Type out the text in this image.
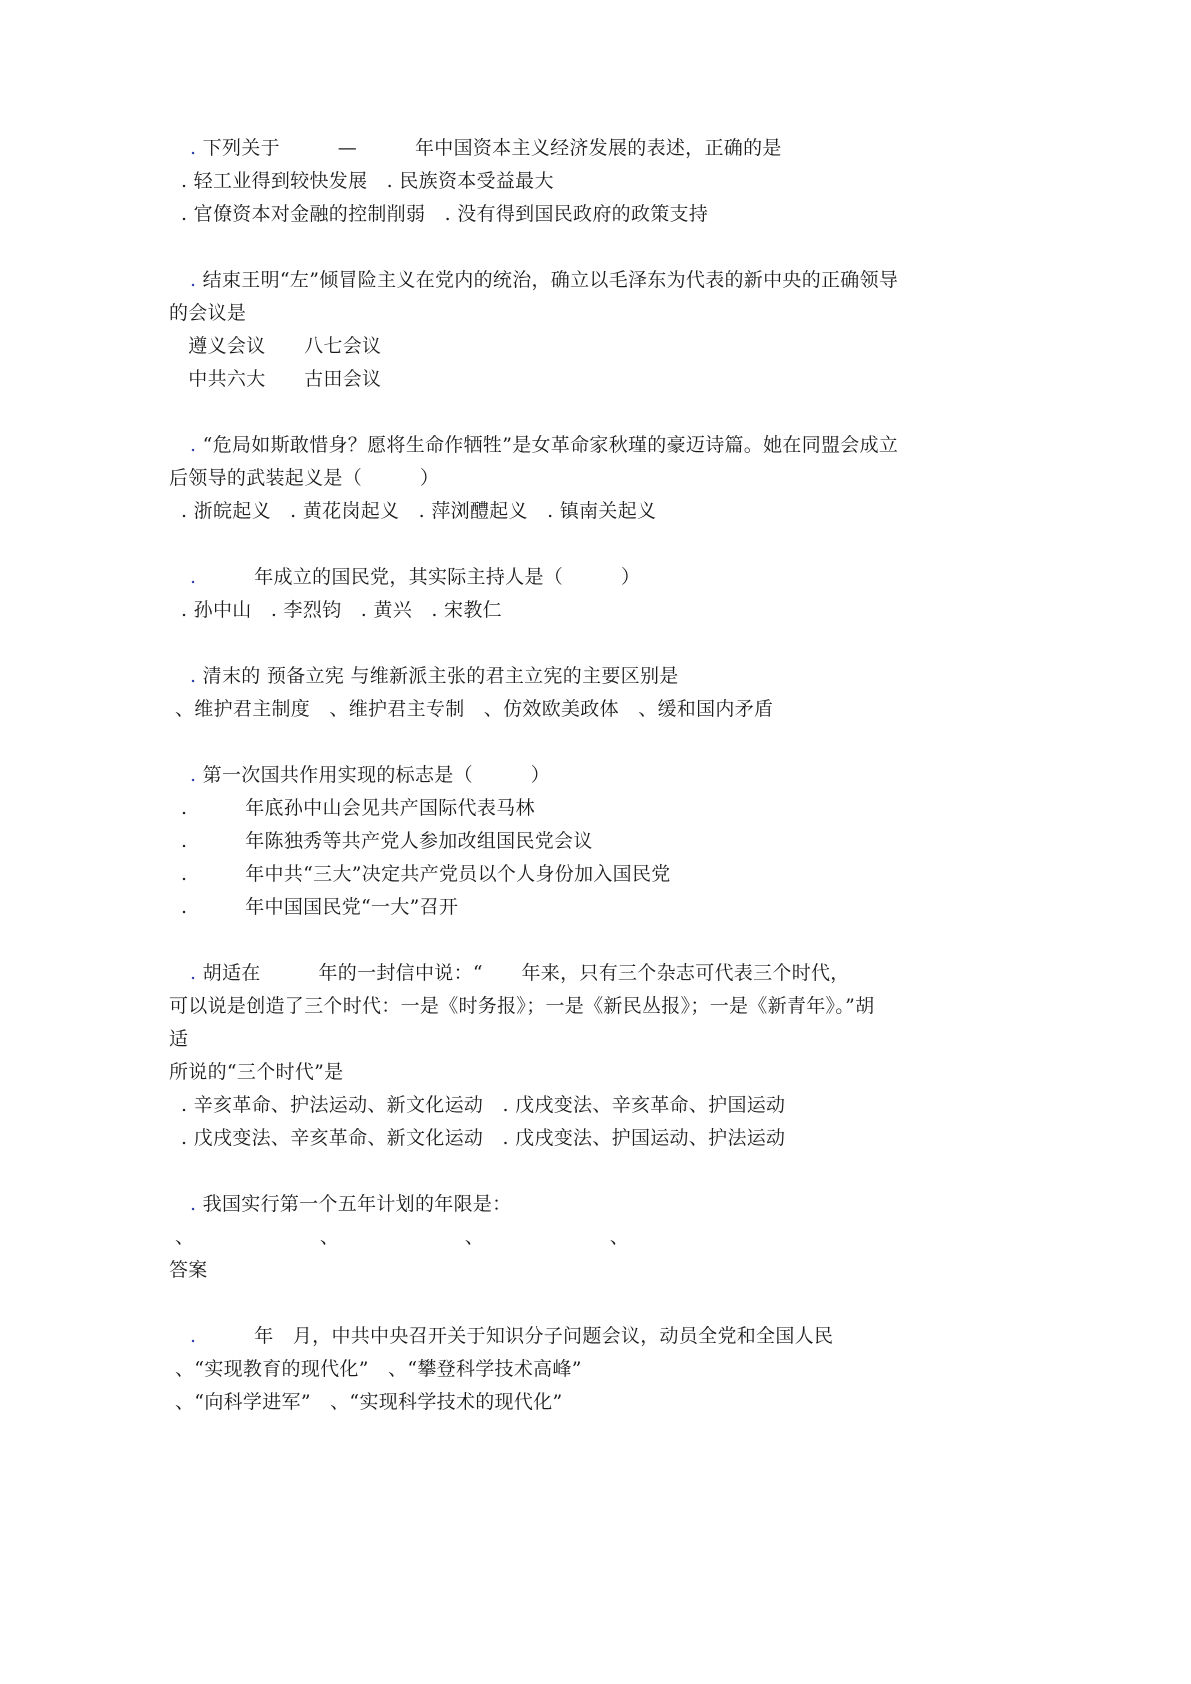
. 下列关于　　　—　　　年中国资本主义经济发展的表述，正确的是
. 轻工业得到较快发展　. 民族资本受益最大
. 官僚资本对金融的控制削弱　. 没有得到国民政府的政策支持
. 结束王明“左”倾冒险主义在党内的统治，确立以毛泽东为代表的新中央的正确领导
的会议是
　遵义会议　　八七会议
　中共六大　　古田会议
. “危局如斯敢惜身？愿将生命作牺牲”是女革命家秋瑾的豪迈诗篇。她在同盟会成立
后领导的武装起义是（　　　）
. 浙皖起义　. 黄花岗起义　. 萍浏醴起义　. 镇南关起义
.　　　年成立的国民党，其实际主持人是（　　　）
. 孙中山　. 李烈钧　. 黄兴　. 宋教仁
. 清末的 预备立宪 与维新派主张的君主立宪的主要区别是
、维护君主制度　、维护君主专制　、仿效欧美政体　、缓和国内矛盾
. 第一次国共作用实现的标志是（　　　）
.　　　年底孙中山会见共产国际代表马林
.　　　年陈独秀等共产党人参加改组国民党会议
.　　　年中共“三大”决定共产党员以个人身份加入国民党
.　　　年中国国民党“一大”召开
. 胡适在　　　年的一封信中说：“　　年来，只有三个杂志可代表三个时代，
可以说是创造了三个时代：一是《时务报》；一是《新民丛报》；一是《新青年》。”胡
适
所说的“三个时代”是
. 辛亥革命、护法运动、新文化运动　. 戊戌变法、辛亥革命、护国运动
. 戊戌变法、辛亥革命、新文化运动　. 戊戌变法、护国运动、护法运动
. 我国实行第一个五年计划的年限是：
、　　　　　　　、　　　　　　　、　　　　　　　、
答案
.　　　年　月，中共中央召开关于知识分子问题会议，动员全党和全国人民
、“实现教育的现代化”　、“攀登科学技术高峰”
、“向科学进军”　、“实现科学技术的现代化”
